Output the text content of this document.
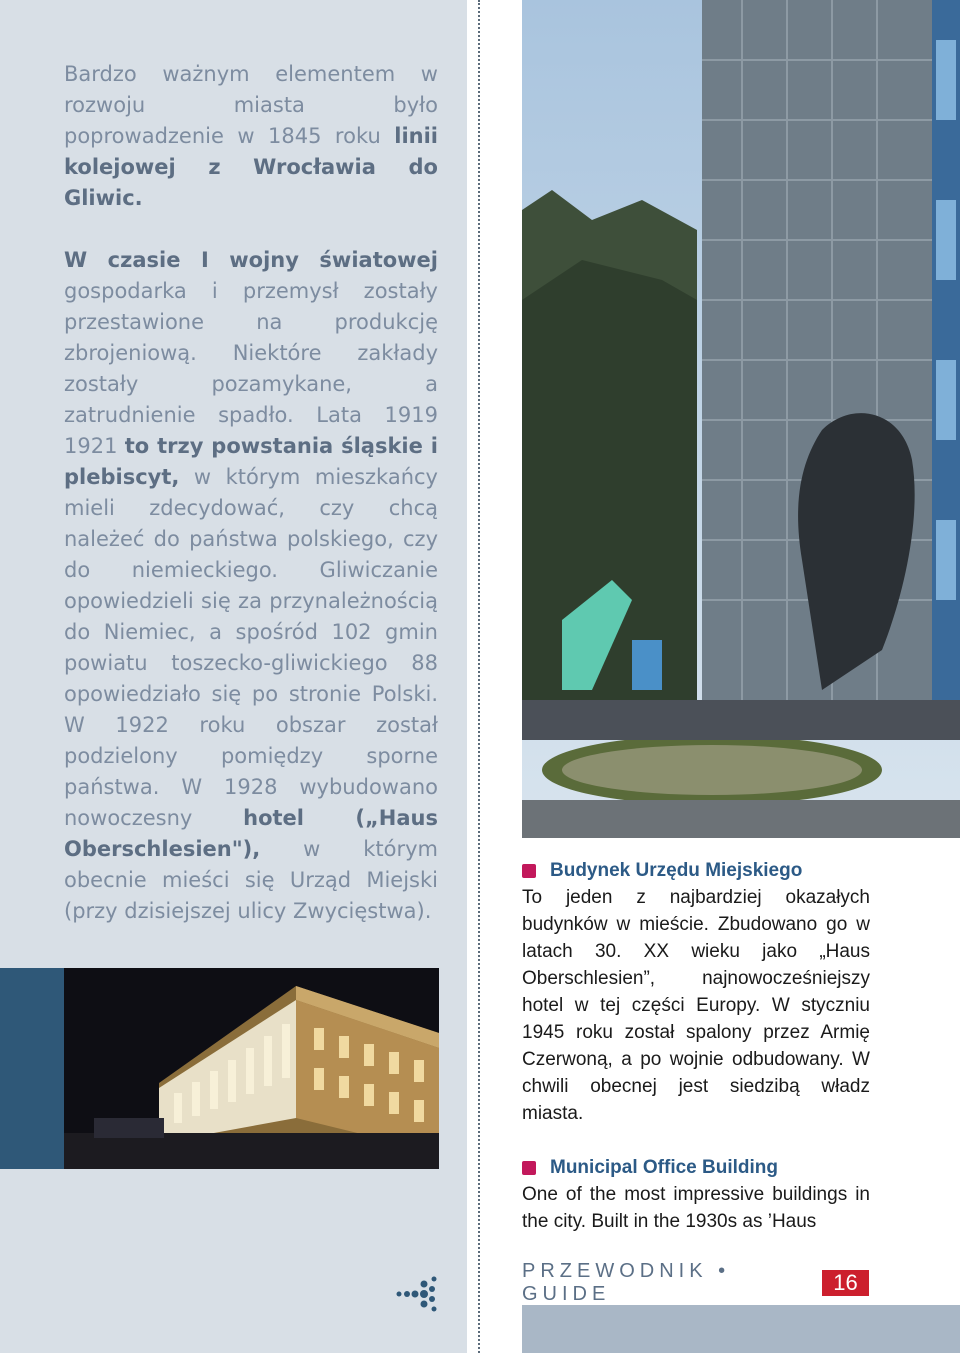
Bardzo ważnym elementem w rozwoju miasta było poprowadzenie w 1845 roku linii kolejowej z Wrocławia do Gliwic.

W czasie I wojny światowej gospodarka i przemysł zostały przestawione na produkcję zbrojeniową. Niektóre zakłady zostały pozamykane, a zatrudnienie spadło. Lata 1919 1921 to trzy powstania śląskie i plebiscyt, w którym mieszkańcy mieli zdecydować, czy chcą należeć do państwa polskiego, czy do niemieckiego. Gliwiczanie opowiedzieli się za przynależnością do Niemiec, a spośród 102 gmin powiatu toszecko-gliwickiego 88 opowiedziało się po stronie Polski. W 1922 roku obszar został podzielony pomiędzy sporne państwa. W 1928 wybudowano nowoczesny hotel („Haus Oberschlesien"), w którym obecnie mieści się Urząd Miejski (przy dzisiejszej ulicy Zwycięstwa).

Budynek Urzędu Miejskiego
To jeden z najbardziej okazałych budynków w mieście. Zbudowano go w latach 30. XX wieku jako „Haus Oberschlesien”, najnowocześniejszy hotel w tej części Europy. W styczniu 1945 roku został spalony przez Armię Czerwoną, a po wojnie odbudowany. W chwili obecnej jest siedzibą władz miasta.
Municipal Office Building
One of the most impressive buildings in the city. Built in the 1930s as ’Haus
PRZEWODNIK • GUIDE	16
